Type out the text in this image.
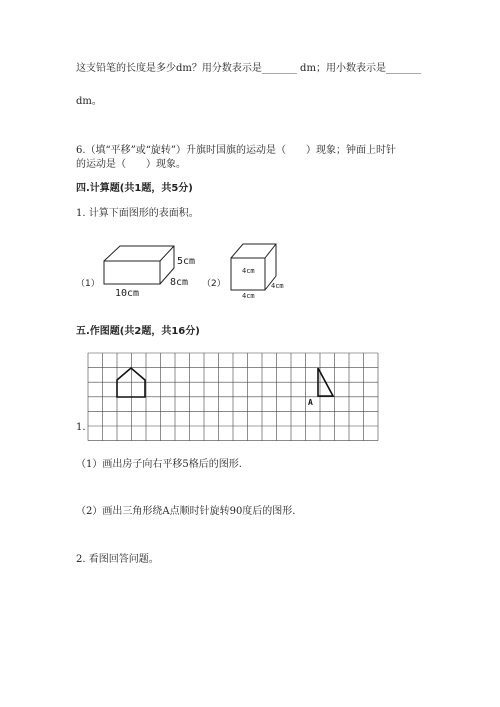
这支铅笔的长度是多少dm？用分数表示是_______ dm；用小数表示是_______
dm。
6.（填“平移”或“旋转”）升旗时国旗的运动是（　　）现象；钟面上时针
的运动是（　　）现象。
四.计算题(共1题，共5分)
1. 计算下面图形的表面积。
（1）	（2）
5cm
8cm
10cm
4cm
4cm
4cm
A
五.作图题(共2题，共16分)
1.
（1）画出房子向右平移5格后的图形.
（2）画出三角形绕A点顺时针旋转90度后的图形.
2. 看图回答问题。
